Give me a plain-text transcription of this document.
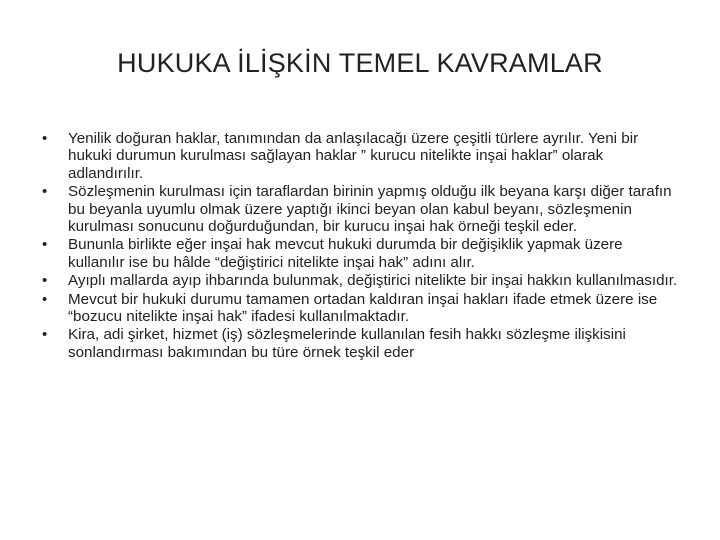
HUKUKA İLİŞKİN TEMEL KAVRAMLAR
•	Yenilik doğuran haklar, tanımından da anlaşılacağı üzere çeşitli türlere ayrılır. Yeni bir hukuki durumun kurulması sağlayan haklar ” kurucu nitelikte inşai haklar” olarak adlandırılır.
•	Sözleşmenin kurulması için taraflardan birinin yapmış olduğu ilk beyana karşı diğer tarafın bu beyanla uyumlu olmak üzere yaptığı ikinci beyan olan kabul beyanı, sözleşmenin kurulması sonucunu doğurduğundan, bir kurucu inşai hak örneği teşkil eder.
•	Bununla birlikte eğer inşai hak mevcut hukuki durumda bir değişiklik yapmak üzere kullanılır ise bu hâlde “değiştirici nitelikte inşai hak” adını alır.
•	Ayıplı mallarda ayıp ihbarında bulunmak, değiştirici nitelikte bir inşai hakkın kullanılmasıdır.
•	Mevcut bir hukuki durumu tamamen ortadan kaldıran inşai hakları ifade etmek üzere ise “bozucu nitelikte inşai hak” ifadesi kullanılmaktadır.
•	Kira, adi şirket, hizmet (iş) sözleşmelerinde kullanılan fesih hakkı sözleşme ilişkisini sonlandırması bakımından bu türe örnek teşkil eder
